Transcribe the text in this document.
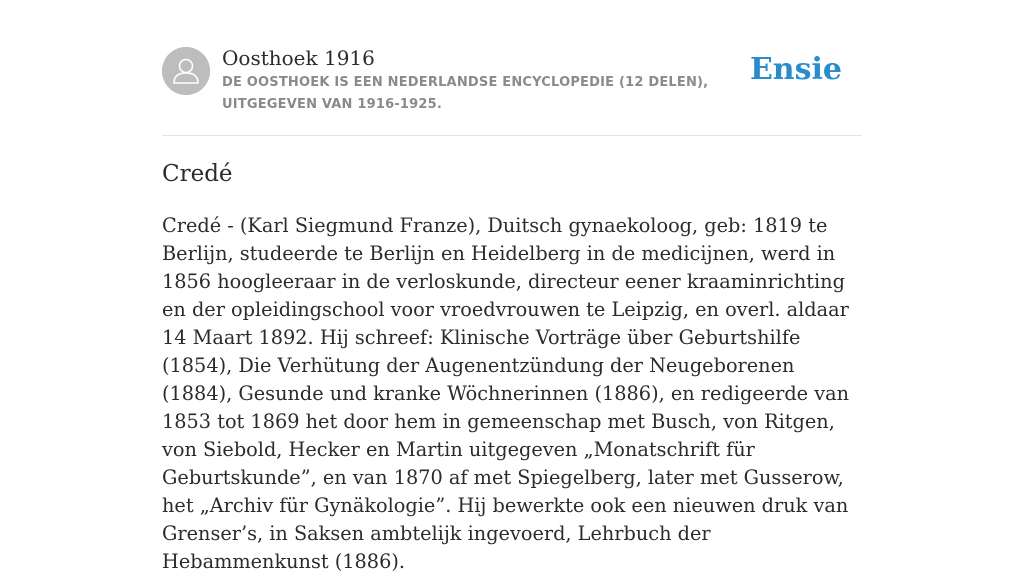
Oosthoek 1916
DE OOSTHOEK IS EEN NEDERLANDSE ENCYCLOPEDIE (12 DELEN), UITGEGEVEN VAN 1916-1925.
Ensie
Credé

Credé - (Karl Siegmund Franze), Duitsch gynaekoloog, geb: 1819 te Berlijn, studeerde te Berlijn en Heidelberg in de medicijnen, werd in 1856 hoogleeraar in de verloskunde, directeur eener kraaminrichting en der opleidingschool voor vroedvrouwen te Leipzig, en overl. aldaar 14 Maart 1892. Hij schreef: Klinische Vorträge über Geburtshilfe (1854), Die Verhütung der Augenentzündung der Neugeborenen (1884), Gesunde und kranke Wöchnerinnen (1886), en redigeerde van 1853 tot 1869 het door hem in gemeenschap met Busch, von Ritgen, von Siebold, Hecker en Martin uitgegeven „Monatschrift für Geburtskunde”, en van 1870 af met Spiegelberg, later met Gusserow, het „Archiv für Gynäkologie”. Hij bewerkte ook een nieuwen druk van Grenser’s, in Saksen ambtelijk ingevoerd, Lehrbuch der Hebammenkunst (1886).
